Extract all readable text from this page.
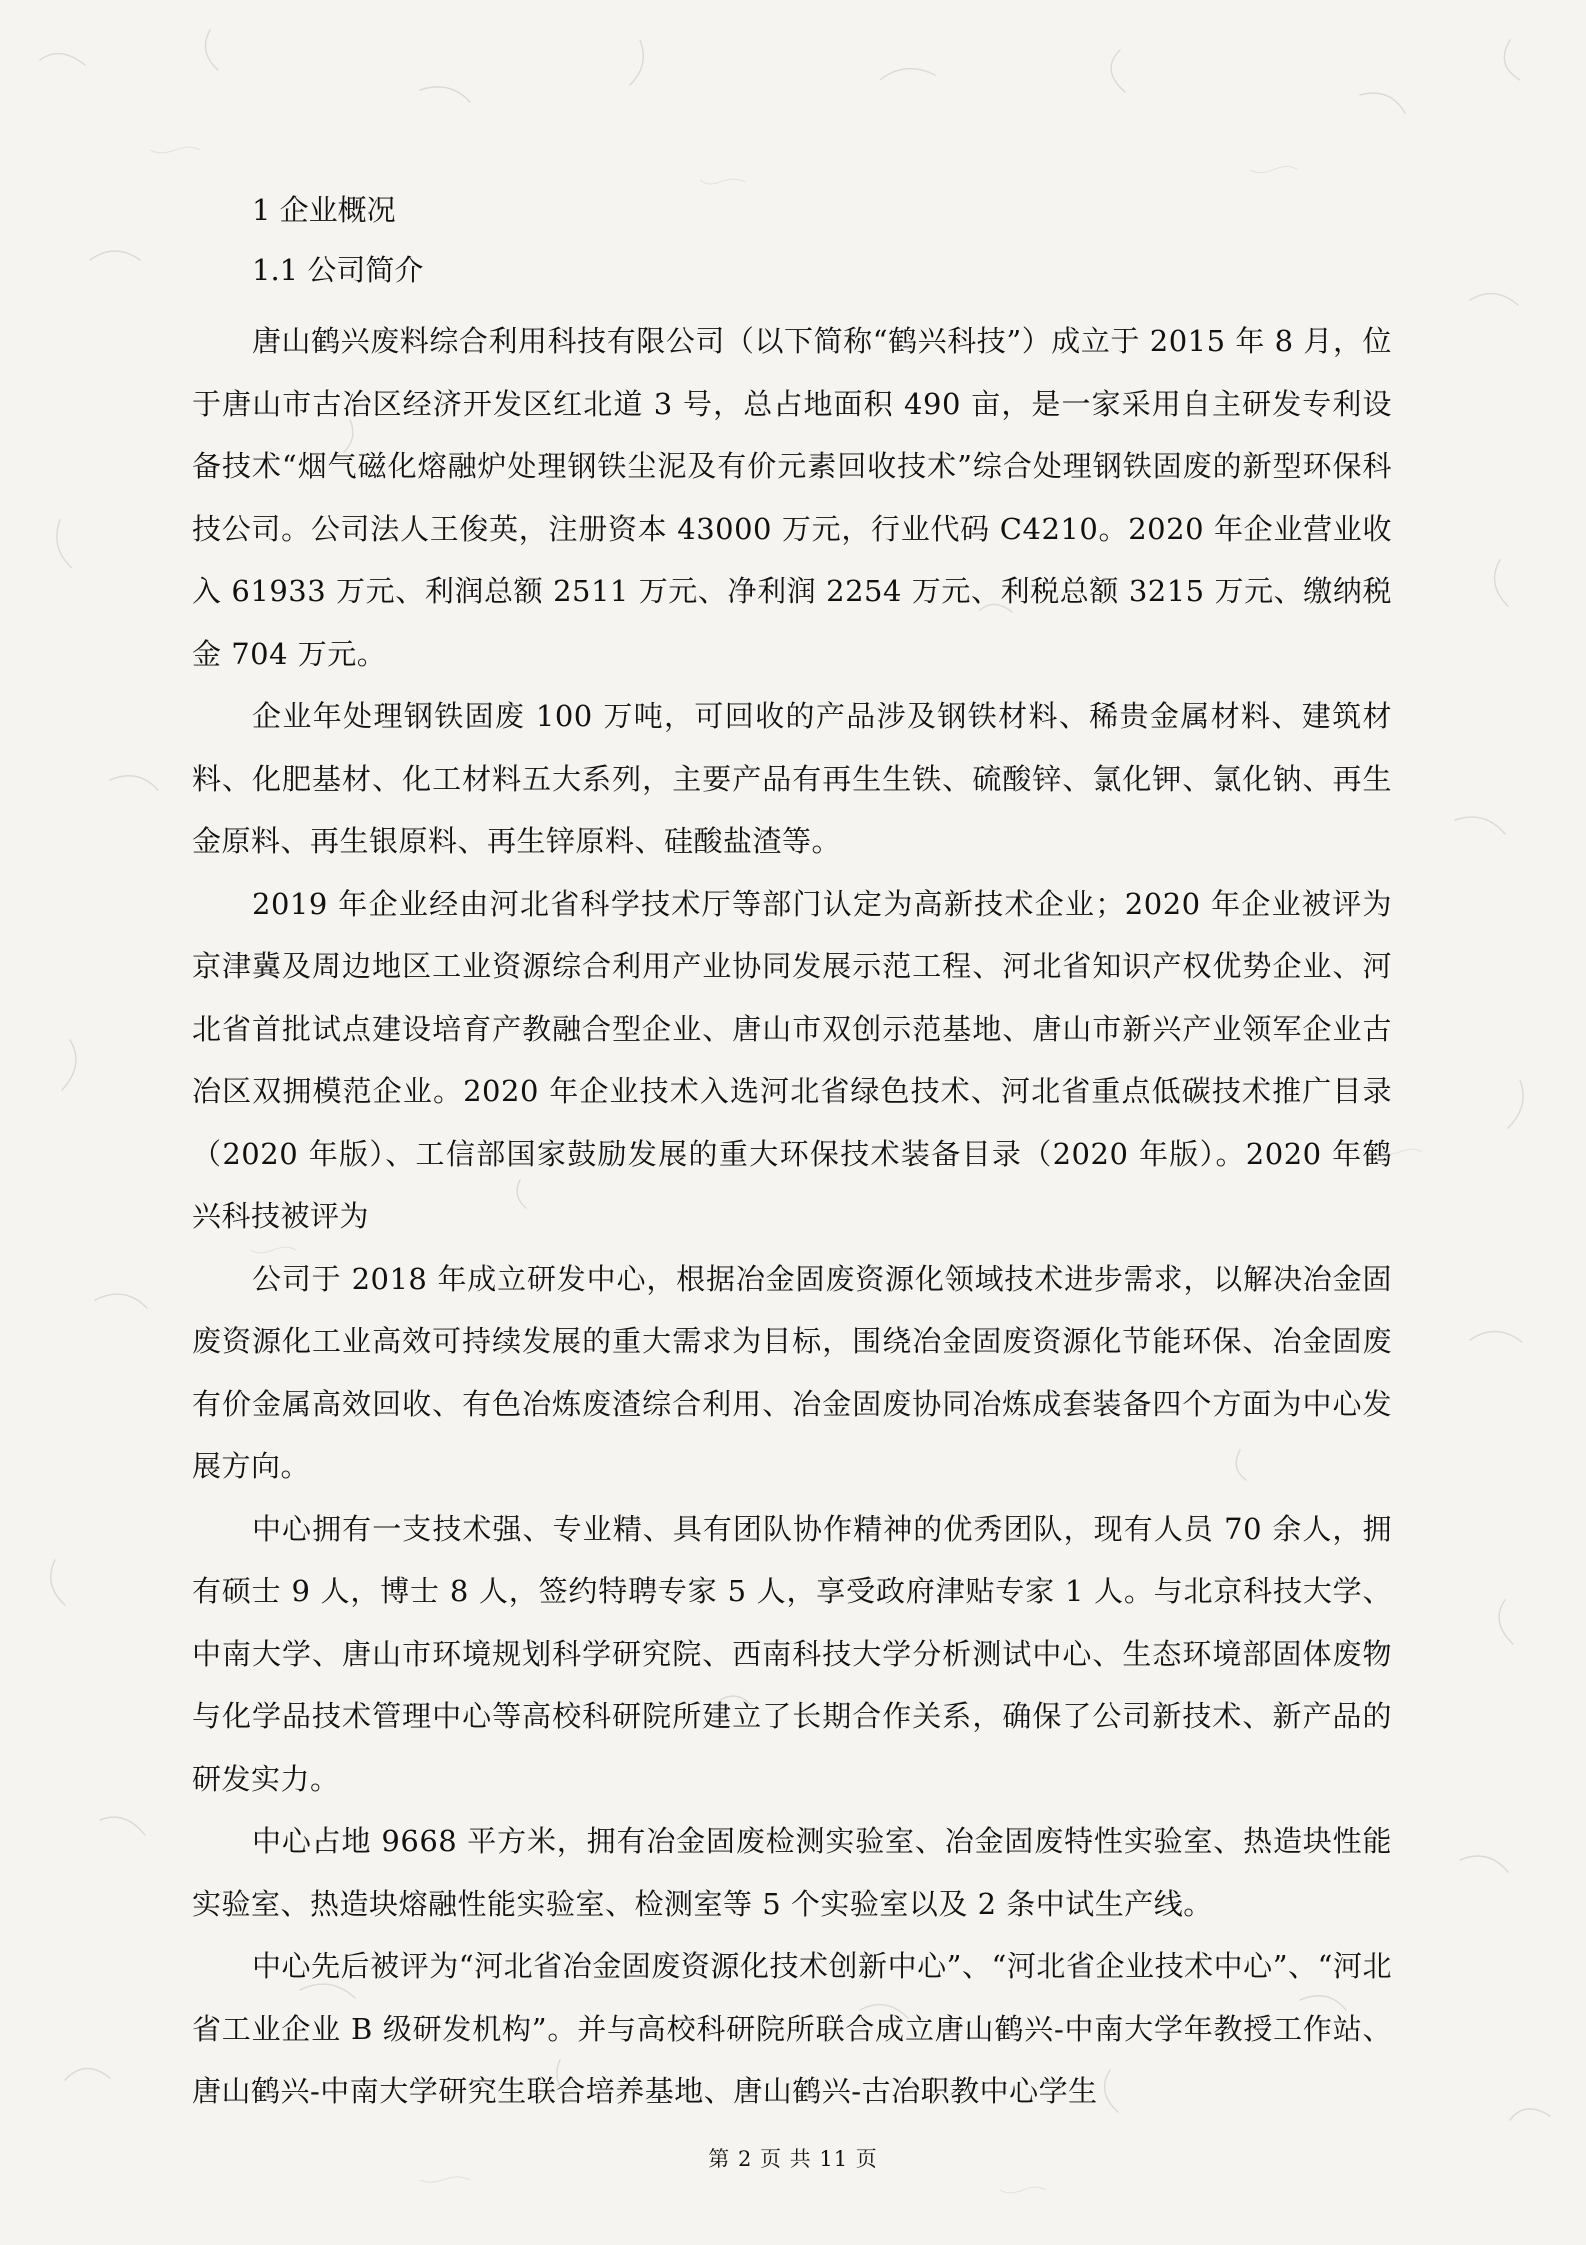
1 企业概况
1.1 公司简介

唐山鹤兴废料综合利用科技有限公司（以下简称“鹤兴科技”）成立于 2015 年 8 月，位于唐山市古冶区经济开发区红北道 3 号，总占地面积 490 亩，是一家采用自主研发专利设备技术“烟气磁化熔融炉处理钢铁尘泥及有价元素回收技术”综合处理钢铁固废的新型环保科技公司。公司法人王俊英，注册资本 43000 万元，行业代码 C4210。2020 年企业营业收入 61933 万元、利润总额 2511 万元、净利润 2254 万元、利税总额 3215 万元、缴纳税金 704 万元。

企业年处理钢铁固废 100 万吨，可回收的产品涉及钢铁材料、稀贵金属材料、建筑材料、化肥基材、化工材料五大系列，主要产品有再生生铁、硫酸锌、氯化钾、氯化钠、再生金原料、再生银原料、再生锌原料、硅酸盐渣等。

2019 年企业经由河北省科学技术厅等部门认定为高新技术企业；2020 年企业被评为京津冀及周边地区工业资源综合利用产业协同发展示范工程、河北省知识产权优势企业、河北省首批试点建设培育产教融合型企业、唐山市双创示范基地、唐山市新兴产业领军企业古冶区双拥模范企业。2020 年企业技术入选河北省绿色技术、河北省重点低碳技术推广目录（2020 年版）、工信部国家鼓励发展的重大环保技术装备目录（2020 年版）。2020 年鹤兴科技被评为

公司于 2018 年成立研发中心，根据冶金固废资源化领域技术进步需求，以解决冶金固废资源化工业高效可持续发展的重大需求为目标，围绕冶金固废资源化节能环保、冶金固废有价金属高效回收、有色冶炼废渣综合利用、冶金固废协同冶炼成套装备四个方面为中心发展方向。

中心拥有一支技术强、专业精、具有团队协作精神的优秀团队，现有人员 70 余人，拥有硕士 9 人，博士 8 人，签约特聘专家 5 人，享受政府津贴专家 1 人。与北京科技大学、中南大学、唐山市环境规划科学研究院、西南科技大学分析测试中心、生态环境部固体废物与化学品技术管理中心等高校科研院所建立了长期合作关系，确保了公司新技术、新产品的研发实力。

中心占地 9668 平方米，拥有冶金固废检测实验室、冶金固废特性实验室、热造块性能实验室、热造块熔融性能实验室、检测室等 5 个实验室以及 2 条中试生产线。

中心先后被评为“河北省冶金固废资源化技术创新中心”、“河北省企业技术中心”、“河北省工业企业 B 级研发机构”。并与高校科研院所联合成立唐山鹤兴-中南大学年教授工作站、唐山鹤兴-中南大学研究生联合培养基地、唐山鹤兴-古冶职教中心学生

第 2 页 共 11 页
